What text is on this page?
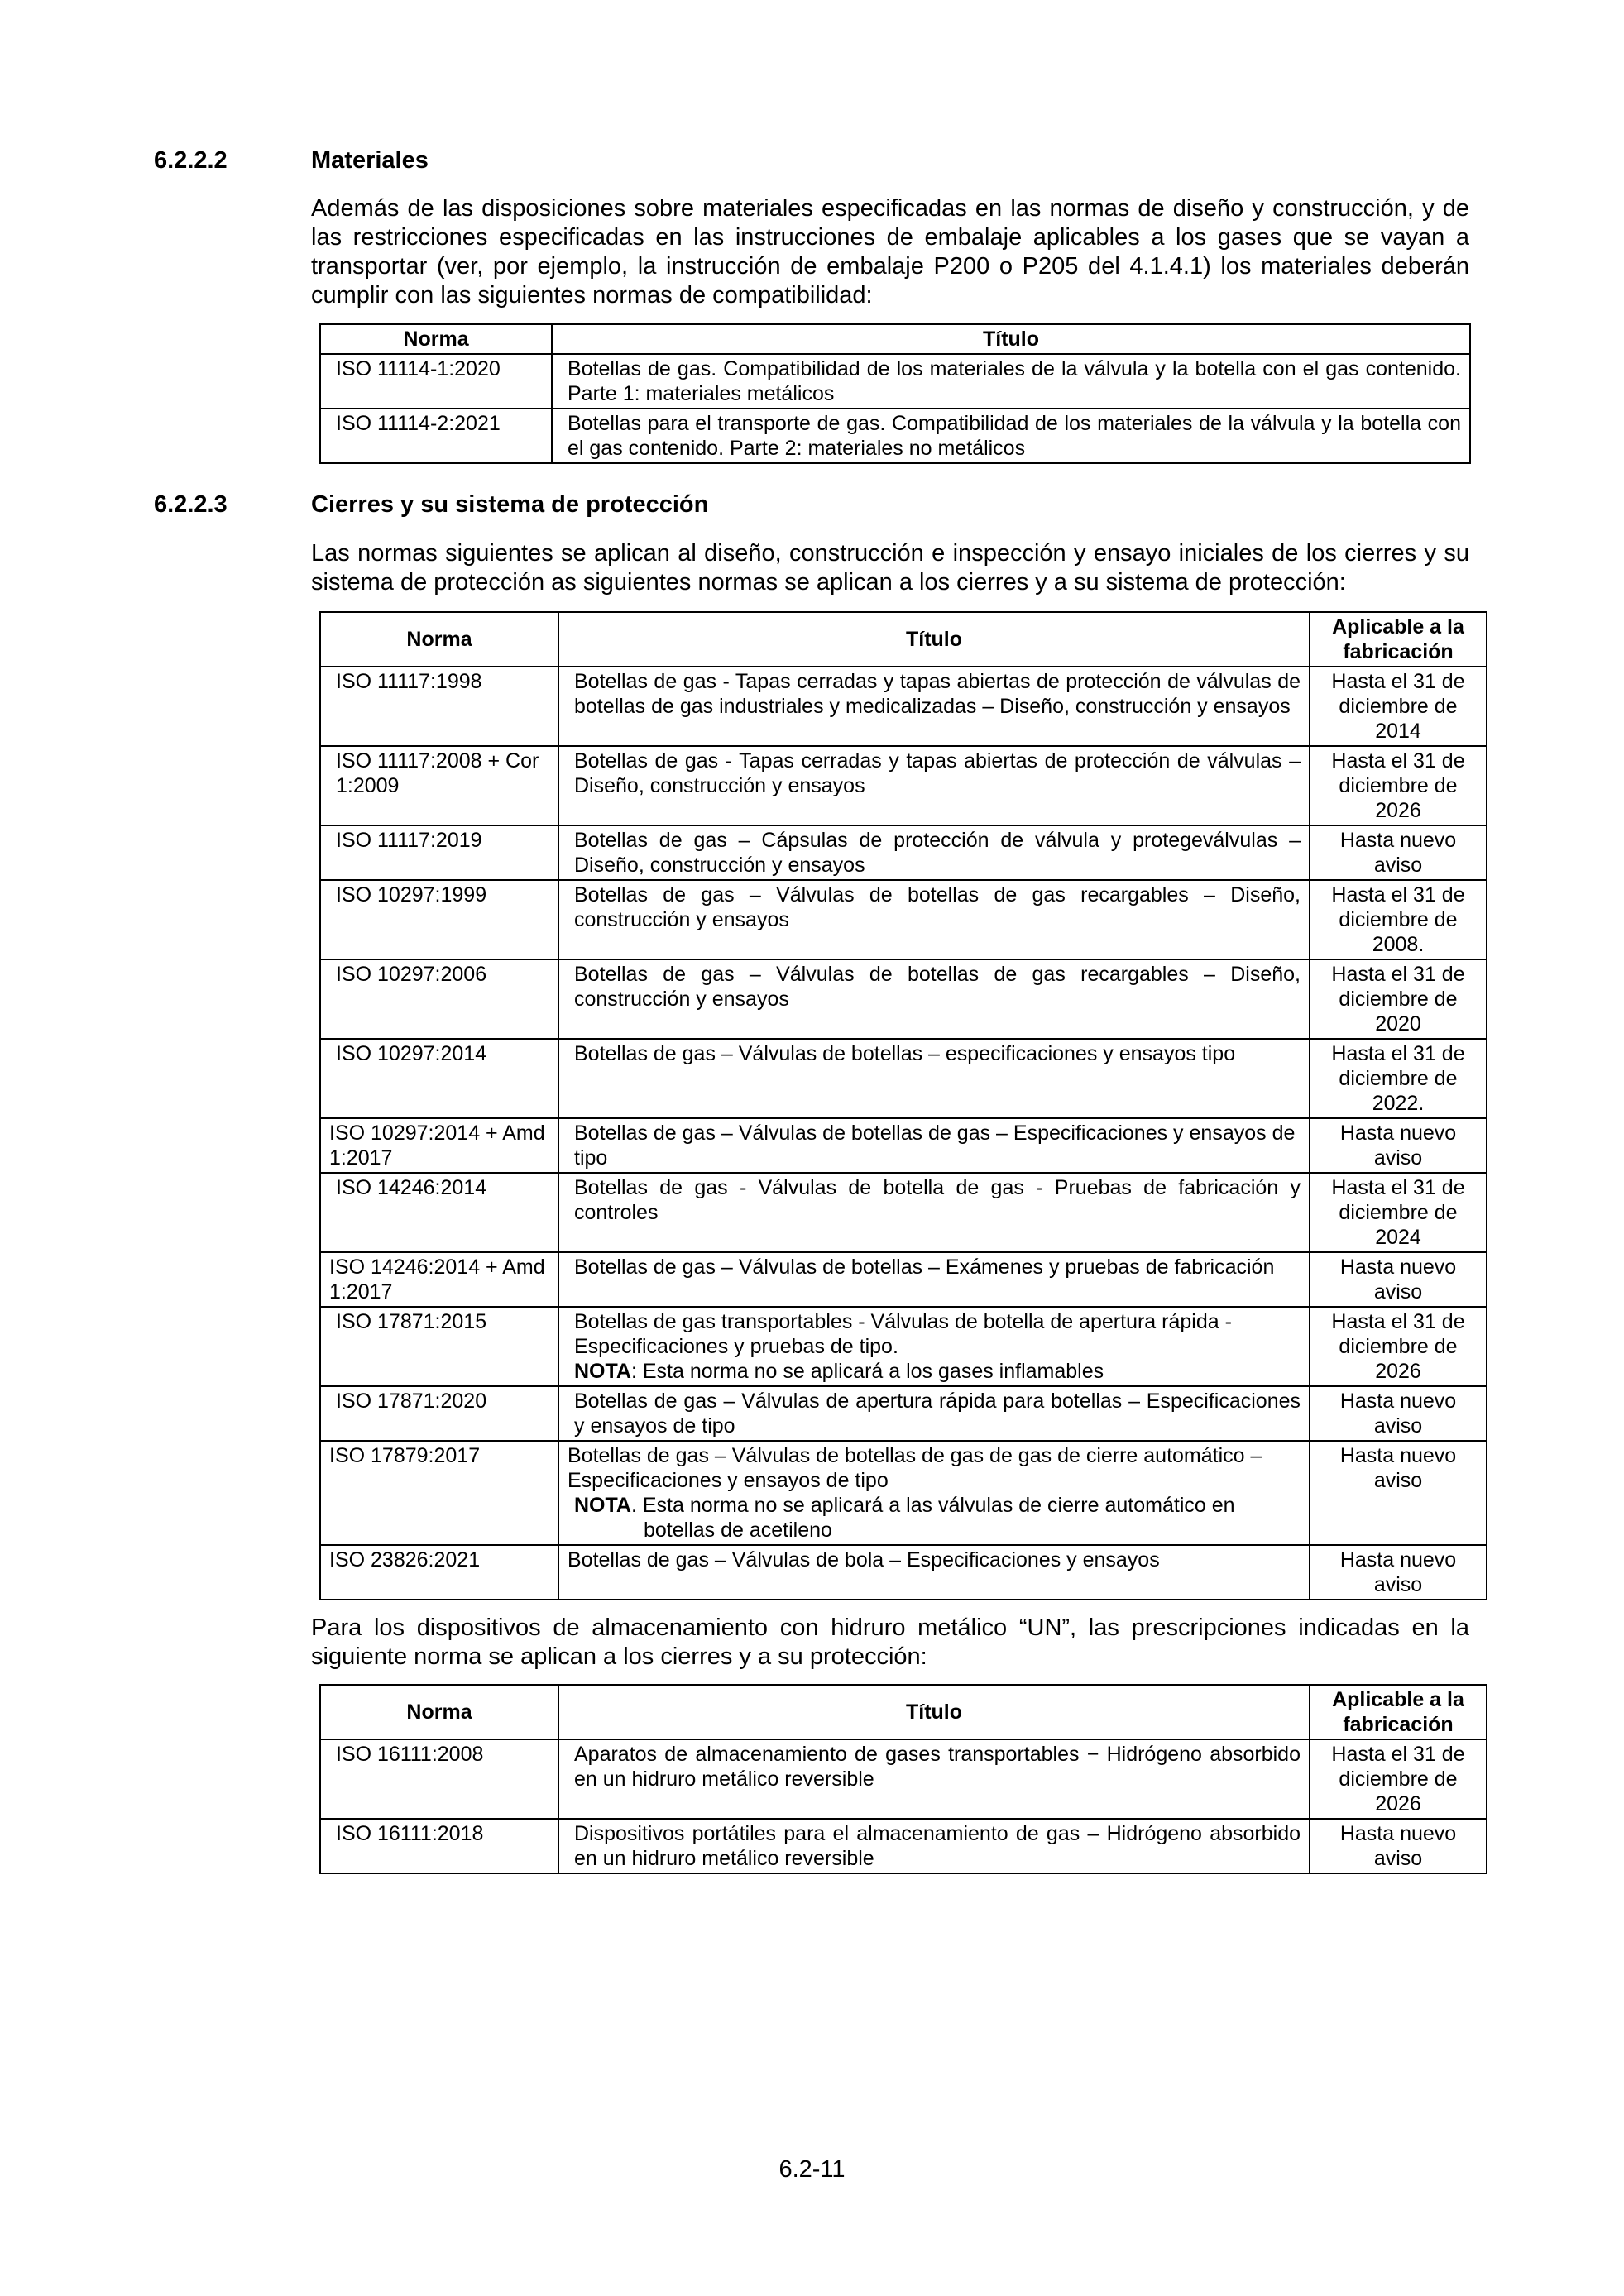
6.2.2.2	Materiales

Además de las disposiciones sobre materiales especificadas en las normas de diseño y construcción, y de las restricciones especificadas en las instrucciones de embalaje aplicables a los gases que se vayan a transportar (ver, por ejemplo, la instrucción de embalaje P200 o P205 del 4.1.4.1) los materiales deberán cumplir con las siguientes normas de compatibilidad:

Norma	Título
ISO 11114-1:2020	Botellas de gas. Compatibilidad de los materiales de la válvula y la botella con el gas contenido. Parte 1: materiales metálicos
ISO 11114-2:2021	Botellas para el transporte de gas. Compatibilidad de los materiales de la válvula y la botella con el gas contenido. Parte 2: materiales no metálicos
6.2.2.3	Cierres y su sistema de protección

Las normas siguientes se aplican al diseño, construcción e inspección y ensayo iniciales de los cierres y su sistema de protección as siguientes normas se aplican a los cierres y a su sistema de protección:

Norma	Título	Aplicable a la fabricación
ISO 11117:1998	Botellas de gas - Tapas cerradas y tapas abiertas de protección de válvulas de botellas de gas industriales y medicalizadas – Diseño, construcción y ensayos	Hasta el 31 de diciembre de 2014
ISO 11117:2008 + Cor 1:2009	Botellas de gas - Tapas cerradas y tapas abiertas de protección de válvulas – Diseño, construcción y ensayos	Hasta el 31 de diciembre de 2026
ISO 11117:2019	Botellas de gas – Cápsulas de protección de válvula y protegeválvulas – Diseño, construcción y ensayos	Hasta nuevo aviso
ISO 10297:1999	Botellas de gas – Válvulas de botellas de gas recargables – Diseño, construcción y ensayos	Hasta el 31 de diciembre de 2008.
ISO 10297:2006	Botellas de gas – Válvulas de botellas de gas recargables – Diseño, construcción y ensayos	Hasta el 31 de diciembre de 2020
ISO 10297:2014	Botellas de gas – Válvulas de botellas – especificaciones y ensayos tipo	Hasta el 31 de diciembre de 2022.
ISO 10297:2014 + Amd 1:2017	Botellas de gas – Válvulas de botellas de gas – Especificaciones y ensayos de tipo	Hasta nuevo aviso
ISO 14246:2014	Botellas de gas - Válvulas de botella de gas - Pruebas de fabricación y controles	Hasta el 31 de diciembre de 2024
ISO 14246:2014 + Amd 1:2017	Botellas de gas – Válvulas de botellas – Exámenes y pruebas de fabricación	Hasta nuevo aviso
ISO 17871:2015	Botellas de gas transportables - Válvulas de botella de apertura rápida - Especificaciones y pruebas de tipo.
NOTA: Esta norma no se aplicará a los gases inflamables	Hasta el 31 de diciembre de 2026
ISO 17871:2020	Botellas de gas – Válvulas de apertura rápida para botellas – Especificaciones y ensayos de tipo	Hasta nuevo aviso
ISO 17879:2017	Botellas de gas – Válvulas de botellas de gas de gas de cierre automático – Especificaciones y ensayos de tipo
NOTA. Esta norma no se aplicará a las válvulas de cierre automático en
botellas de acetileno	Hasta nuevo aviso
ISO 23826:2021	Botellas de gas – Válvulas de bola – Especificaciones y ensayos	Hasta nuevo aviso

Para los dispositivos de almacenamiento con hidruro metálico “UN”, las prescripciones indicadas en la siguiente norma se aplican a los cierres y a su protección:

Norma	Título	Aplicable a la fabricación
ISO 16111:2008	Aparatos de almacenamiento de gases transportables − Hidrógeno absorbido en un hidruro metálico reversible	Hasta el 31 de diciembre de 2026
ISO 16111:2018	Dispositivos portátiles para el almacenamiento de gas – Hidrógeno absorbido en un hidruro metálico reversible	Hasta nuevo aviso
6.2-11
